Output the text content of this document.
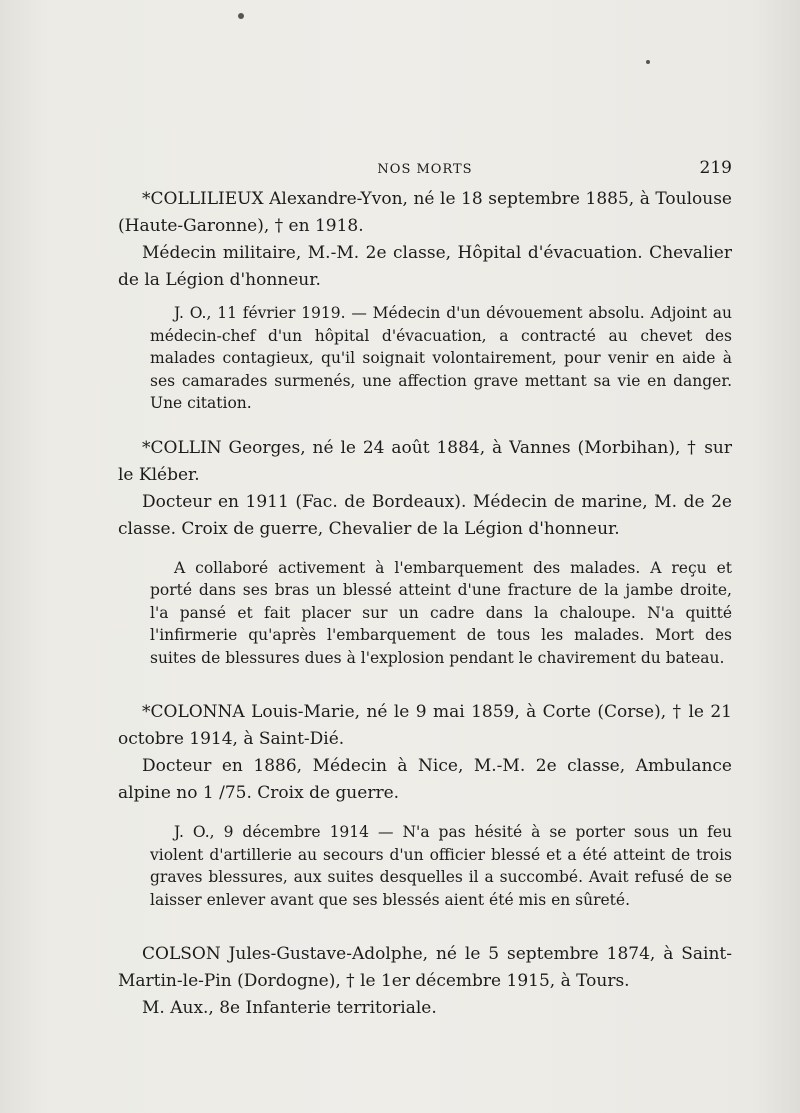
NOS MORTS	219

*COLLILIEUX Alexandre-Yvon, né le 18 septembre 1885, à Toulouse (Haute-Garonne), † en 1918.

Médecin militaire, M.-M. 2e classe, Hôpital d'évacuation. Chevalier de la Légion d'honneur.

J. O., 11 février 1919. — Médecin d'un dévouement absolu. Adjoint au médecin-chef d'un hôpital d'évacuation, a contracté au chevet des malades contagieux, qu'il soignait volontairement, pour venir en aide à ses camarades surmenés, une affection grave mettant sa vie en danger. Une citation.

*COLLIN Georges, né le 24 août 1884, à Vannes (Morbihan), † sur le Kléber.

Docteur en 1911 (Fac. de Bordeaux). Médecin de marine, M. de 2e classe. Croix de guerre, Chevalier de la Légion d'honneur.

A collaboré activement à l'embarquement des malades. A reçu et porté dans ses bras un blessé atteint d'une fracture de la jambe droite, l'a pansé et fait placer sur un cadre dans la chaloupe. N'a quitté l'infirmerie qu'après l'embarquement de tous les malades. Mort des suites de blessures dues à l'explosion pendant le chavirement du bateau.

*COLONNA Louis-Marie, né le 9 mai 1859, à Corte (Corse), † le 21 octobre 1914, à Saint-Dié.

Docteur en 1886, Médecin à Nice, M.-M. 2e classe, Ambulance alpine no 1 /75. Croix de guerre.

J. O., 9 décembre 1914 — N'a pas hésité à se porter sous un feu violent d'artillerie au secours d'un officier blessé et a été atteint de trois graves blessures, aux suites desquelles il a succombé. Avait refusé de se laisser enlever avant que ses blessés aient été mis en sûreté.

COLSON Jules-Gustave-Adolphe, né le 5 septembre 1874, à Saint-Martin-le-Pin (Dordogne), † le 1er décembre 1915, à Tours.

M. Aux., 8e Infanterie territoriale.
